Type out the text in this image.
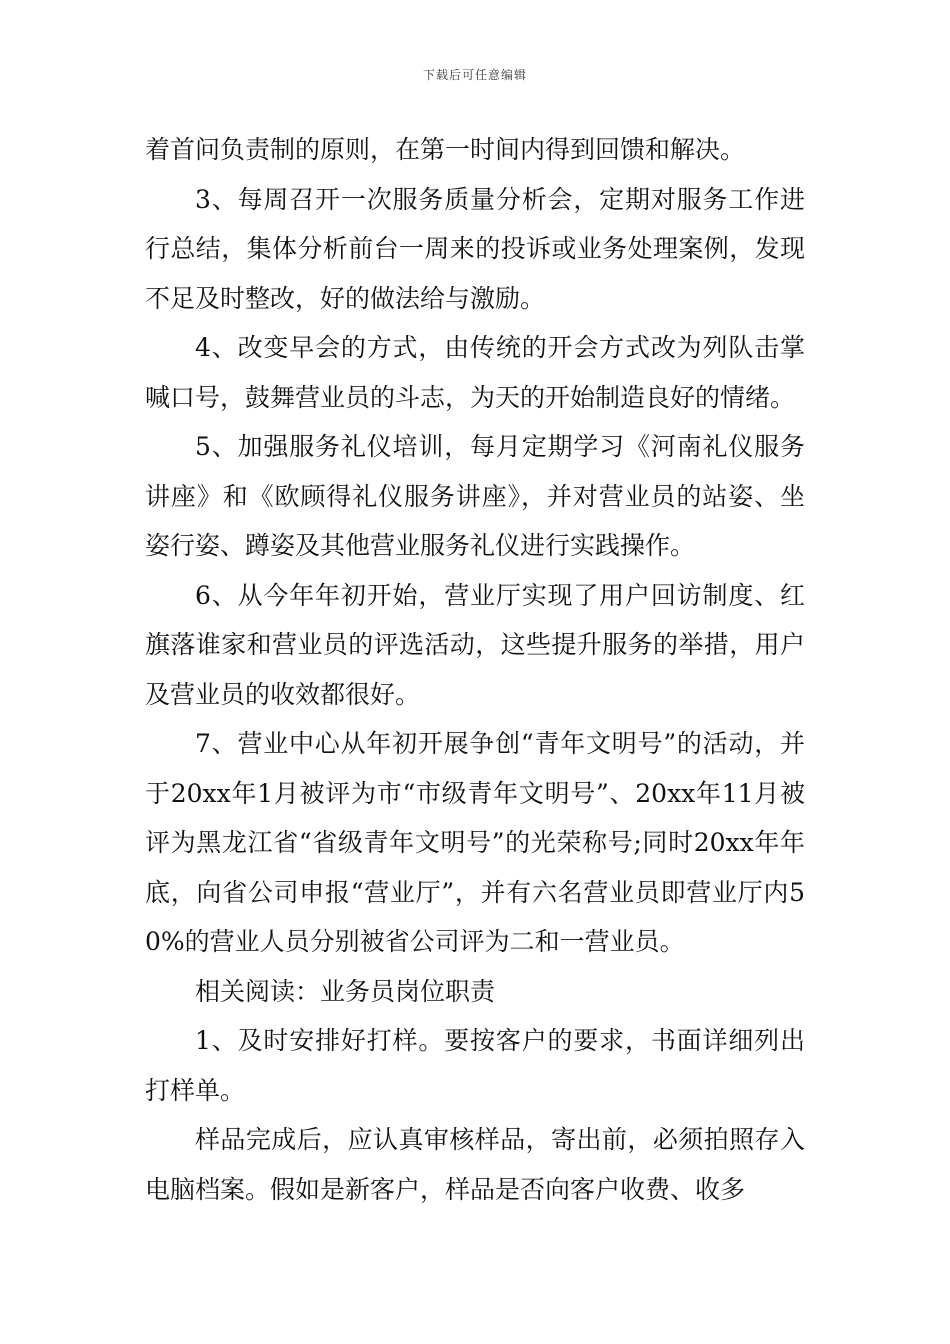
下载后可任意编辑

着首问负责制的原则，在第一时间内得到回馈和解决。

3、每周召开一次服务质量分析会，定期对服务工作进行总结，集体分析前台一周来的投诉或业务处理案例，发现不足及时整改，好的做法给与激励。

4、改变早会的方式，由传统的开会方式改为列队击掌喊口号，鼓舞营业员的斗志，为天的开始制造良好的情绪。

5、加强服务礼仪培训，每月定期学习《河南礼仪服务讲座》和《欧顾得礼仪服务讲座》，并对营业员的站姿、坐姿行姿、蹲姿及其他营业服务礼仪进行实践操作。

6、从今年年初开始，营业厅实现了用户回访制度、红旗落谁家和营业员的评选活动，这些提升服务的举措，用户及营业员的收效都很好。

7、营业中心从年初开展争创“青年文明号”的活动，并于20xx年1月被评为市“市级青年文明号”、20xx年11月被评为黑龙江省“省级青年文明号”的光荣称号;同时20xx年年底，向省公司申报“营业厅”，并有六名营业员即营业厅内50%的营业人员分别被省公司评为二和一营业员。

相关阅读：业务员岗位职责

1、及时安排好打样。要按客户的要求，书面详细列出打样单。

样品完成后，应认真审核样品，寄出前，必须拍照存入电脑档案。假如是新客户，样品是否向客户收费、收多
